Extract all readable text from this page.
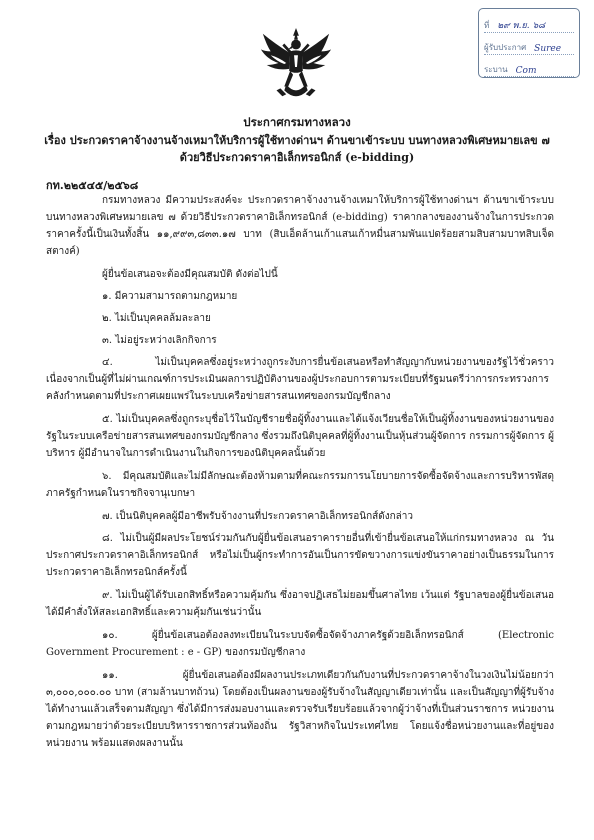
ที่ ๒๙ พ.ย. ๖๘
ผู้รับประกาศ Suree
ระบาน Com
ประกาศกรมทางหลวง
เรื่อง ประกวดราคาจ้างงานจ้างเหมาให้บริการผู้ใช้ทางด่านฯ ด้านขาเข้าระบบ บนทางหลวงพิเศษหมายเลข ๗
ด้วยวิธีประกวดราคาอิเล็กทรอนิกส์ (e-bidding)
กท.๒๒๕๔๕/๒๕๖๘

กรมทางหลวง มีความประสงค์จะ ประกวดราคาจ้างงานจ้างเหมาให้บริการผู้ใช้ทางด่านฯ ด้านขาเข้าระบบ บนทางหลวงพิเศษหมายเลข ๗ ด้วยวิธีประกวดราคาอิเล็กทรอนิกส์ (e-bidding) ราคากลางของงานจ้างในการประกวดราคาครั้งนี้เป็นเงินทั้งสิ้น ๑๑,๙๙๓,๘๓๓.๑๗ บาท (สิบเอ็ดล้านเก้าแสนเก้าหมื่นสามพันแปดร้อยสามสิบสามบาทสิบเจ็ดสตางค์)

ผู้ยื่นข้อเสนอจะต้องมีคุณสมบัติ ดังต่อไปนี้

๑. มีความสามารถตามกฎหมาย

๒. ไม่เป็นบุคคลล้มละลาย

๓. ไม่อยู่ระหว่างเลิกกิจการ

๔. ไม่เป็นบุคคลซึ่งอยู่ระหว่างถูกระงับการยื่นข้อเสนอหรือทำสัญญากับหน่วยงานของรัฐไว้ชั่วคราว เนื่องจากเป็นผู้ที่ไม่ผ่านเกณฑ์การประเมินผลการปฏิบัติงานของผู้ประกอบการตามระเบียบที่รัฐมนตรีว่าการกระทรวงการคลังกำหนดตามที่ประกาศเผยแพร่ในระบบเครือข่ายสารสนเทศของกรมบัญชีกลาง

๕. ไม่เป็นบุคคลซึ่งถูกระบุชื่อไว้ในบัญชีรายชื่อผู้ทิ้งงานและได้แจ้งเวียนชื่อให้เป็นผู้ทิ้งงานของหน่วยงานของรัฐในระบบเครือข่ายสารสนเทศของกรมบัญชีกลาง ซึ่งรวมถึงนิติบุคคลที่ผู้ทิ้งงานเป็นหุ้นส่วนผู้จัดการ กรรมการผู้จัดการ ผู้บริหาร ผู้มีอำนาจในการดำเนินงานในกิจการของนิติบุคคลนั้นด้วย

๖. มีคุณสมบัติและไม่มีลักษณะต้องห้ามตามที่คณะกรรมการนโยบายการจัดซื้อจัดจ้างและการบริหารพัสดุภาครัฐกำหนดในราชกิจจานุเบกษา

๗. เป็นนิติบุคคลผู้มีอาชีพรับจ้างงานที่ประกวดราคาอิเล็กทรอนิกส์ดังกล่าว

๘. ไม่เป็นผู้มีผลประโยชน์ร่วมกันกับผู้ยื่นข้อเสนอราคารายอื่นที่เข้ายื่นข้อเสนอให้แก่กรมทางหลวง ณ วันประกาศประกวดราคาอิเล็กทรอนิกส์ หรือไม่เป็นผู้กระทำการอันเป็นการขัดขวางการแข่งขันราคาอย่างเป็นธรรมในการประกวดราคาอิเล็กทรอนิกส์ครั้งนี้

๙. ไม่เป็นผู้ได้รับเอกสิทธิ์หรือความคุ้มกัน ซึ่งอาจปฏิเสธไม่ยอมขึ้นศาลไทย เว้นแต่ รัฐบาลของผู้ยื่นข้อเสนอได้มีคำสั่งให้สละเอกสิทธิ์และความคุ้มกันเช่นว่านั้น

๑๐. ผู้ยื่นข้อเสนอต้องลงทะเบียนในระบบจัดซื้อจัดจ้างภาครัฐด้วยอิเล็กทรอนิกส์ (Electronic Government Procurement : e - GP) ของกรมบัญชีกลาง

๑๑. ผู้ยื่นข้อเสนอต้องมีผลงานประเภทเดียวกันกับงานที่ประกวดราคาจ้างในวงเงินไม่น้อยกว่า ๓,๐๐๐,๐๐๐.๐๐ บาท (สามล้านบาทถ้วน) โดยต้องเป็นผลงานของผู้รับจ้างในสัญญาเดียวเท่านั้น และเป็นสัญญาที่ผู้รับจ้างได้ทำงานแล้วเสร็จตามสัญญา ซึ่งได้มีการส่งมอบงานและตรวจรับเรียบร้อยแล้วจากผู้ว่าจ้างที่เป็นส่วนราชการ หน่วยงานตามกฎหมายว่าด้วยระเบียบบริหารราชการส่วนท้องถิ่น รัฐวิสาหกิจในประเทศไทย โดยแจ้งชื่อหน่วยงานและที่อยู่ของหน่วยงาน พร้อมแสดงผลงานนั้น
